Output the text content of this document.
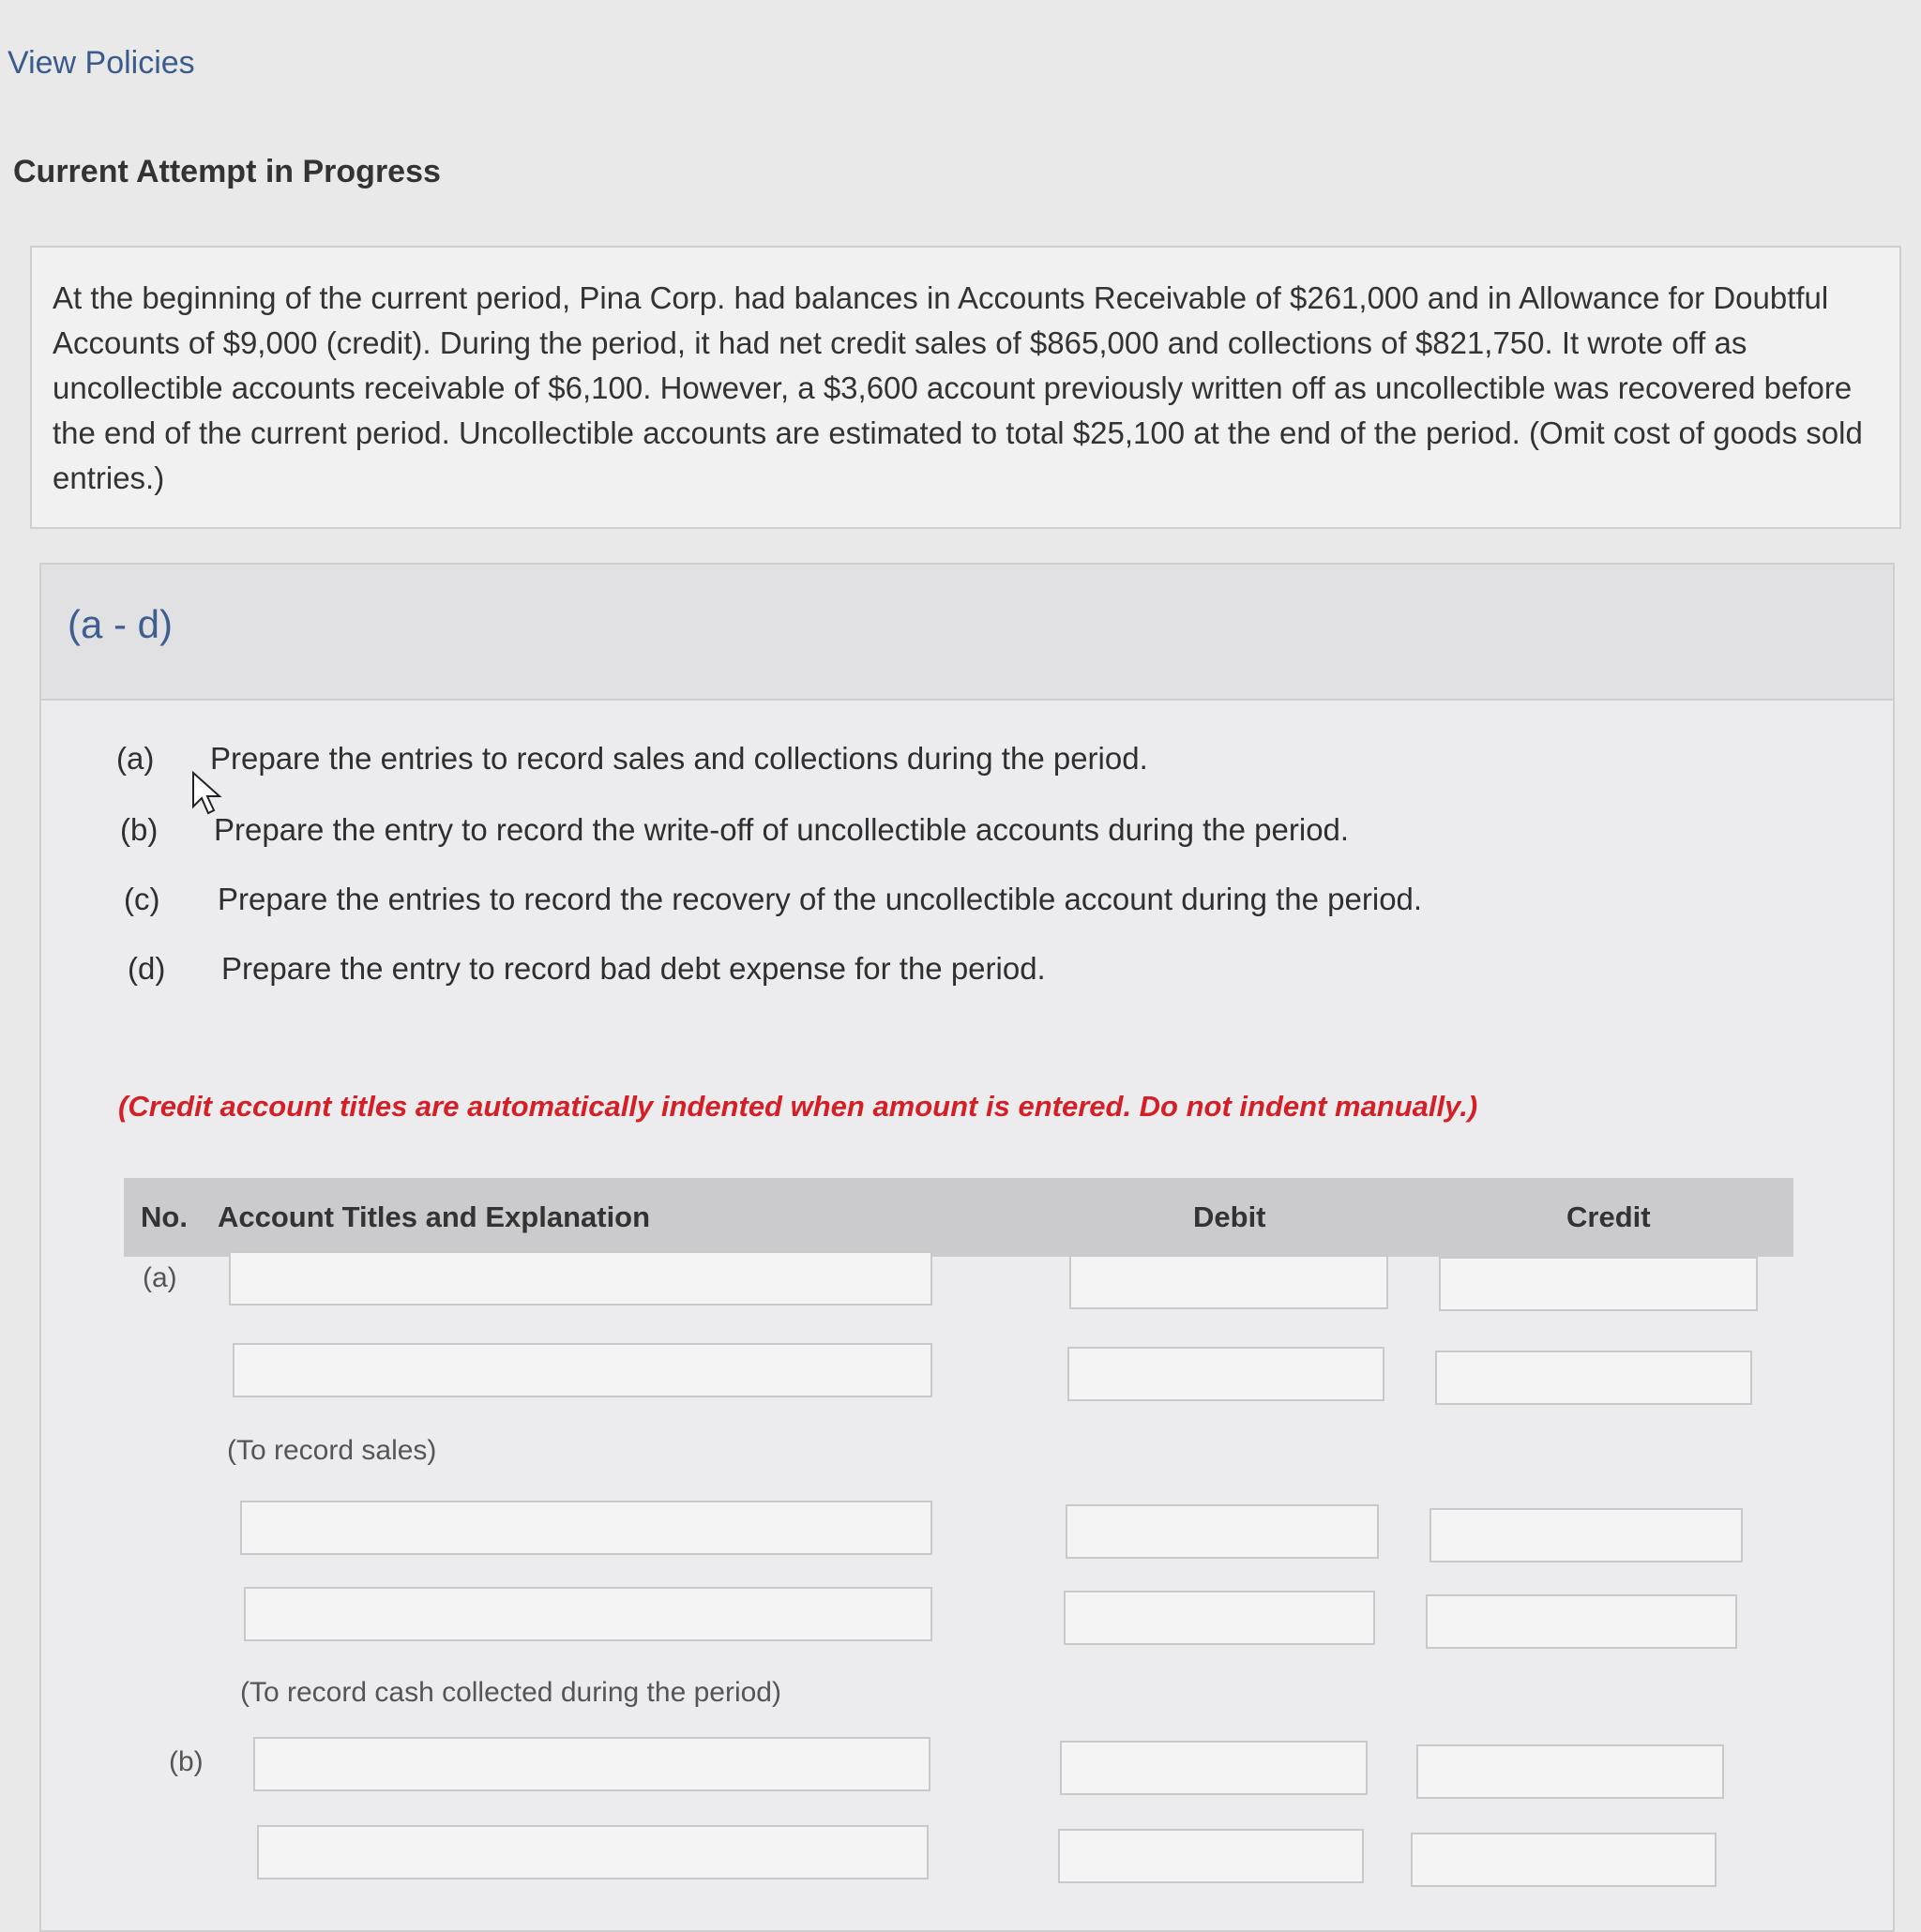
View Policies
Current Attempt in Progress
At the beginning of the current period, Pina Corp. had balances in Accounts Receivable of $261,000 and in Allowance for Doubtful Accounts of $9,000 (credit). During the period, it had net credit sales of $865,000 and collections of $821,750. It wrote off as uncollectible accounts receivable of $6,100. However, a $3,600 account previously written off as uncollectible was recovered before the end of the current period. Uncollectible accounts are estimated to total $25,100 at the end of the period. (Omit cost of goods sold entries.)
(a - d)
(a) Prepare the entries to record sales and collections during the period.
(b) Prepare the entry to record the write-off of uncollectible accounts during the period.
(c) Prepare the entries to record the recovery of the uncollectible account during the period.
(d) Prepare the entry to record bad debt expense for the period.
(Credit account titles are automatically indented when amount is entered. Do not indent manually.)
No. Account Titles and Explanation	Debit	Credit
(a)
(To record sales)
(To record cash collected during the period)
(b)
